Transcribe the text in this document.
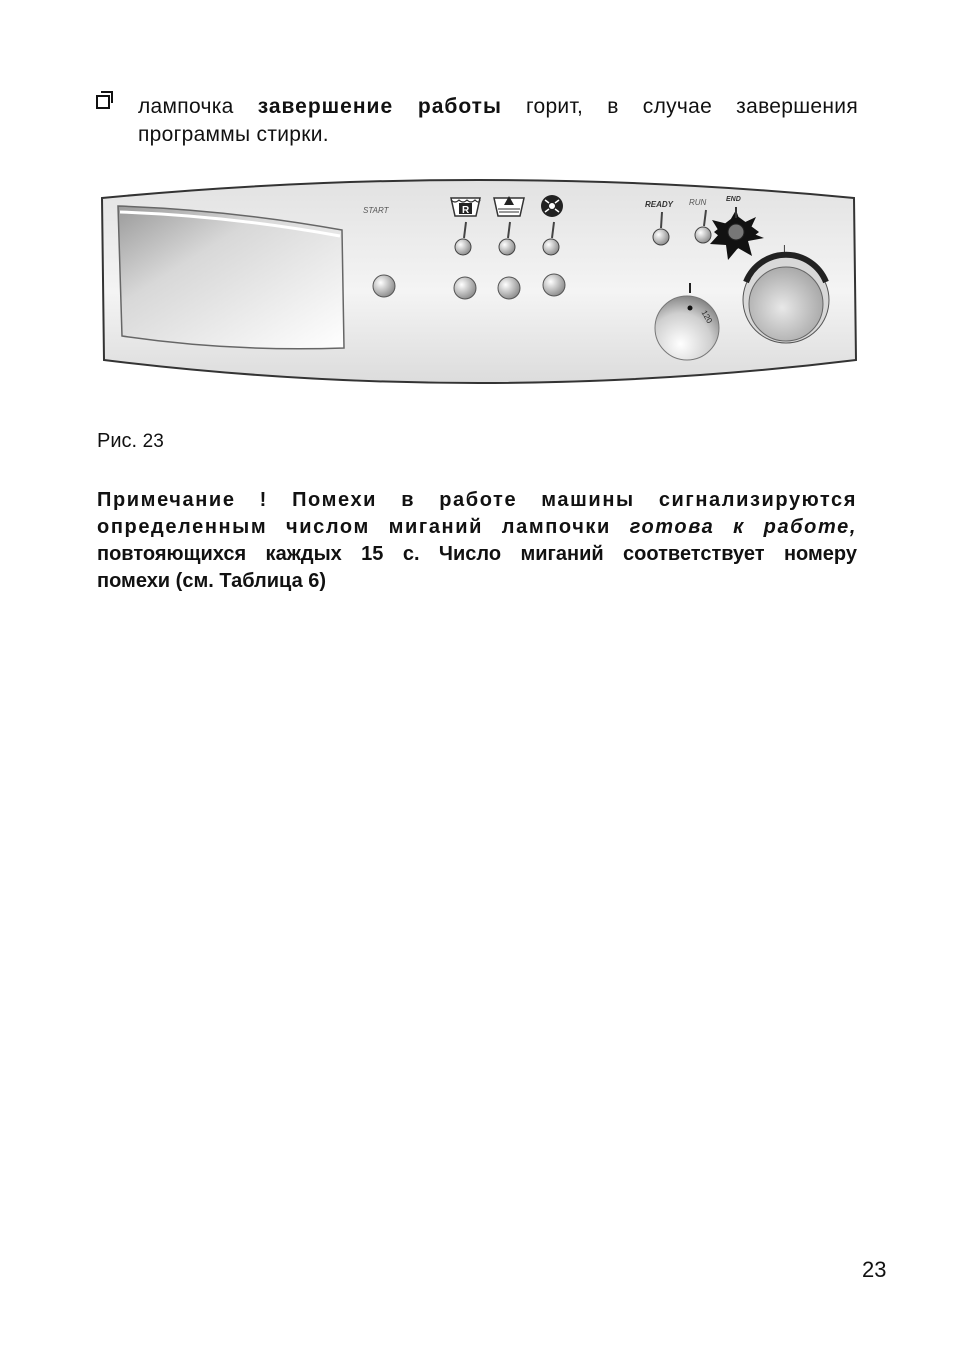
лампочка завершение работы горит, в случае завершения
программы стирки.
START	R
READY RUN	END
120
I
Рис. 23
Примечание ! Помехи в работе машины сигнализируются
определенным числом миганий лампочки готова к работе,
повтояющихся каждых 15 с. Число миганий соответствует номеру
помехи (см. Таблица 6)
23
